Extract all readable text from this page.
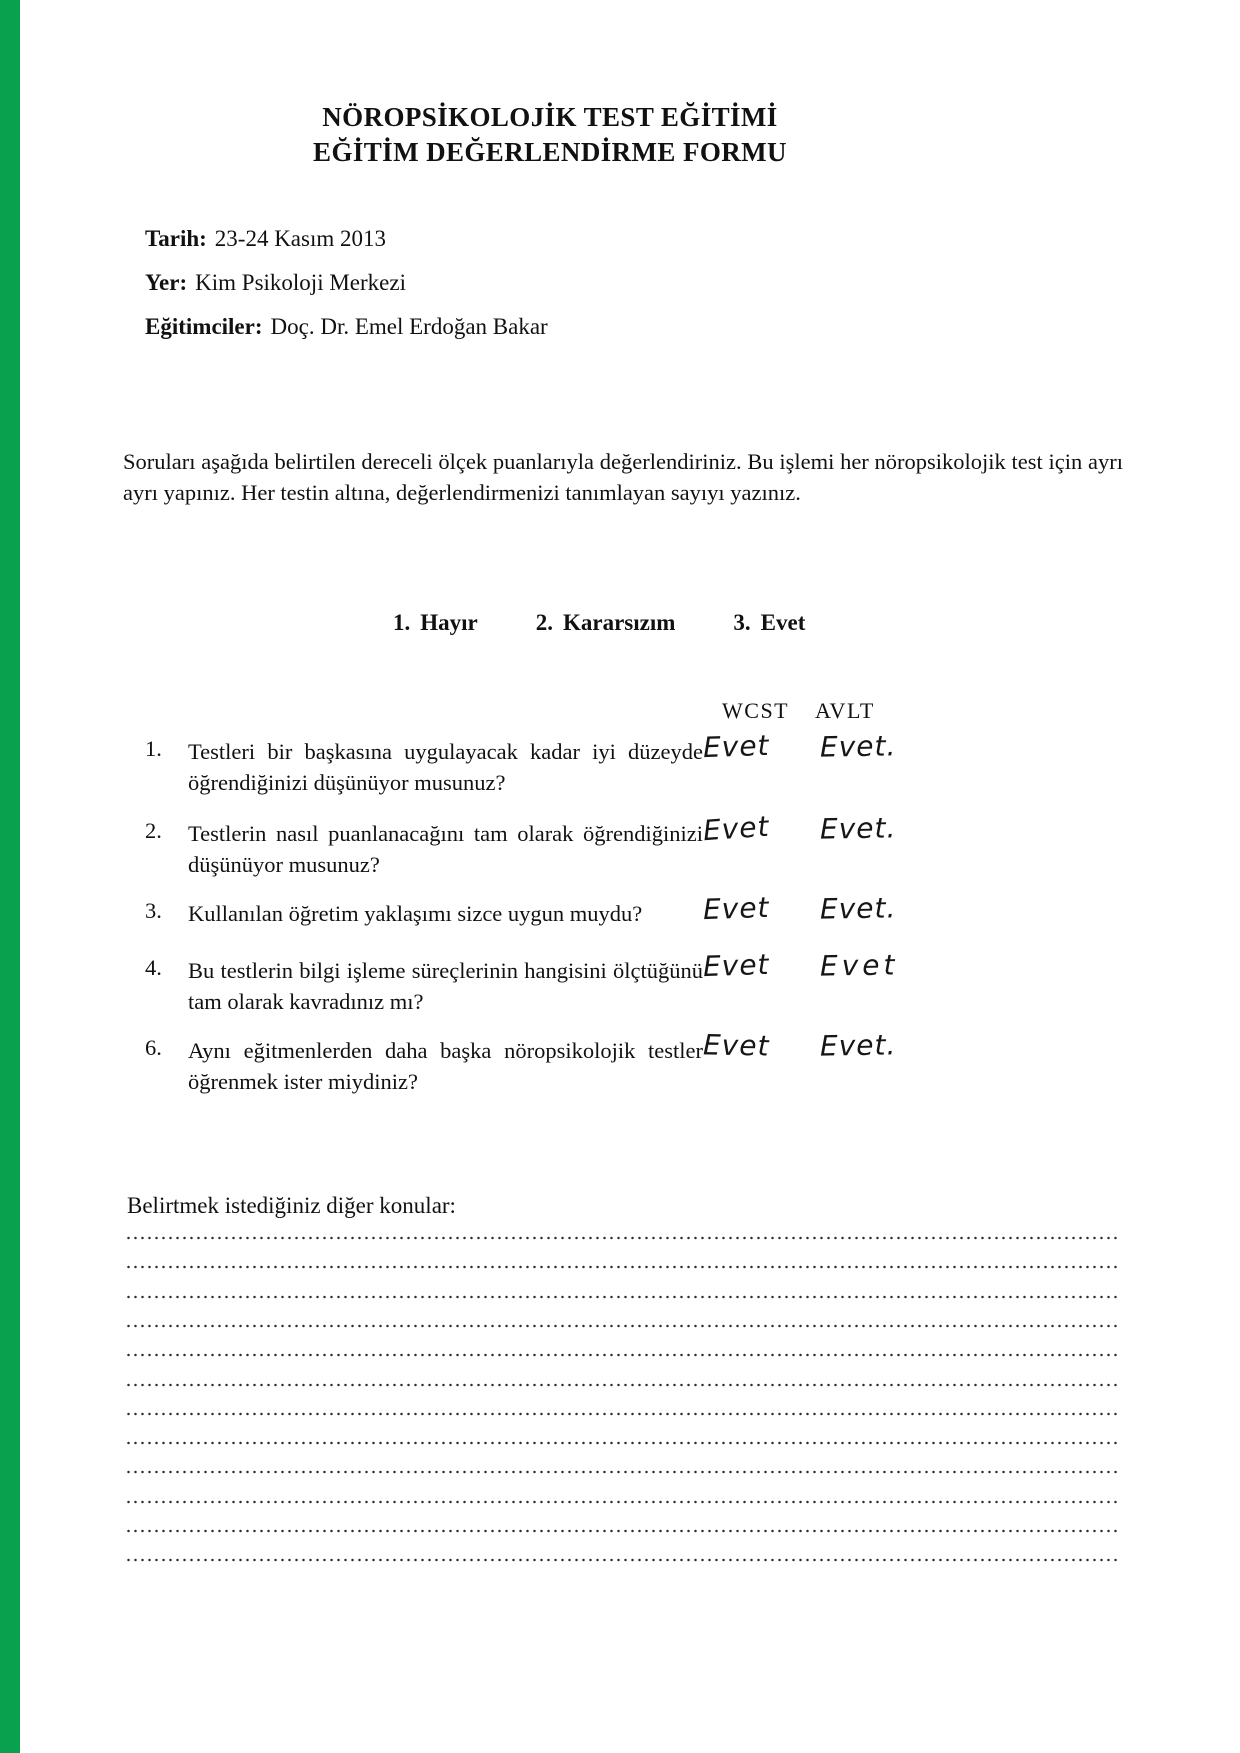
NÖROPSİKOLOJİK TEST EĞİTİMİ
EĞİTİM DEĞERLENDİRME FORMU
Tarih: 23-24 Kasım 2013
Yer: Kim Psikoloji Merkezi
Eğitimciler: Doç. Dr. Emel Erdoğan Bakar
Soruları aşağıda belirtilen dereceli ölçek puanlarıyla değerlendiriniz. Bu işlemi her nöropsikolojik test için ayrı ayrı yapınız. Her testin altına, değerlendirmenizi tanımlayan sayıyı yazınız.
1. Hayır	2. Kararsızım	3. Evet
WCST AVLT
1.	Testleri bir başkasına uygulayacak kadar iyi düzeyde öğrendiğinizi düşünüyor musunuz?
Evet Evet.
2.	Testlerin nasıl puanlanacağını tam olarak öğrendiğinizi düşünüyor musunuz?
Evet Evet.
3.	Kullanılan öğretim yaklaşımı sizce uygun muydu?	Evet Evet.
4.	Bu testlerin bilgi işleme süreçlerinin hangisini ölçtüğünü tam olarak kavradınız mı?
Evet Evet
6.	Aynı eğitmenlerden daha başka nöropsikolojik testler öğrenmek ister miydiniz?
Evet Evet.
Belirtmek istediğiniz diğer konular:
